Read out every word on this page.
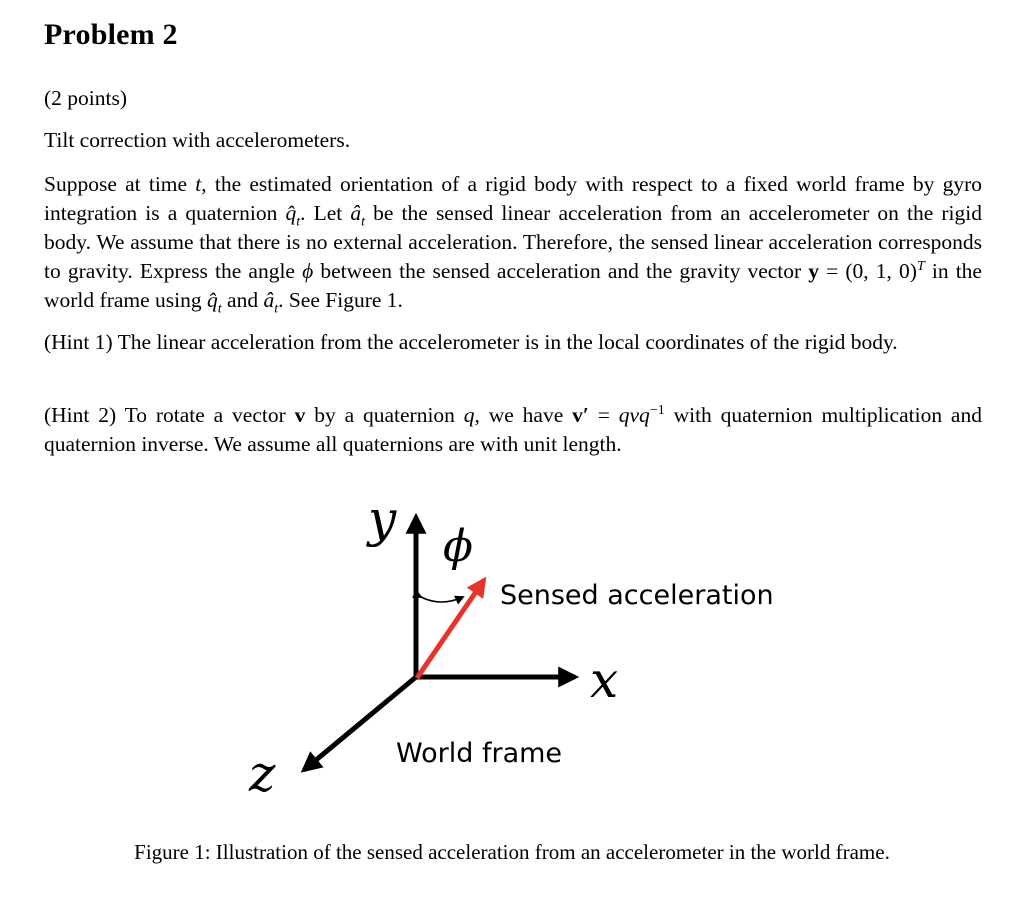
Problem 2

(2 points)

Tilt correction with accelerometers.

Suppose at time t, the estimated orientation of a rigid body with respect to a fixed world frame by gyro integration is a quaternion $q̂_t$. Let $â_t$ be the sensed linear acceleration from an accelerometer on the rigid body. We assume that there is no external acceleration. Therefore, the sensed linear acceleration corresponds to gravity. Express the angle ϕ between the sensed acceleration and the gravity vector y = (0, 1, 0)$^T$ in the world frame using $q̂_t$ and $â_t$. See Figure 1.

(Hint 1) The linear acceleration from the accelerometer is in the local coordinates of the rigid body.

(Hint 2) To rotate a vector v by a quaternion q, we have v′ = qvq$^{-1}$ with quaternion multiplication and quaternion inverse. We assume all quaternions are with unit length.

y ϕ
Sensed acceleration
x
World frame
z
Figure 1: Illustration of the sensed acceleration from an accelerometer in the world frame.
